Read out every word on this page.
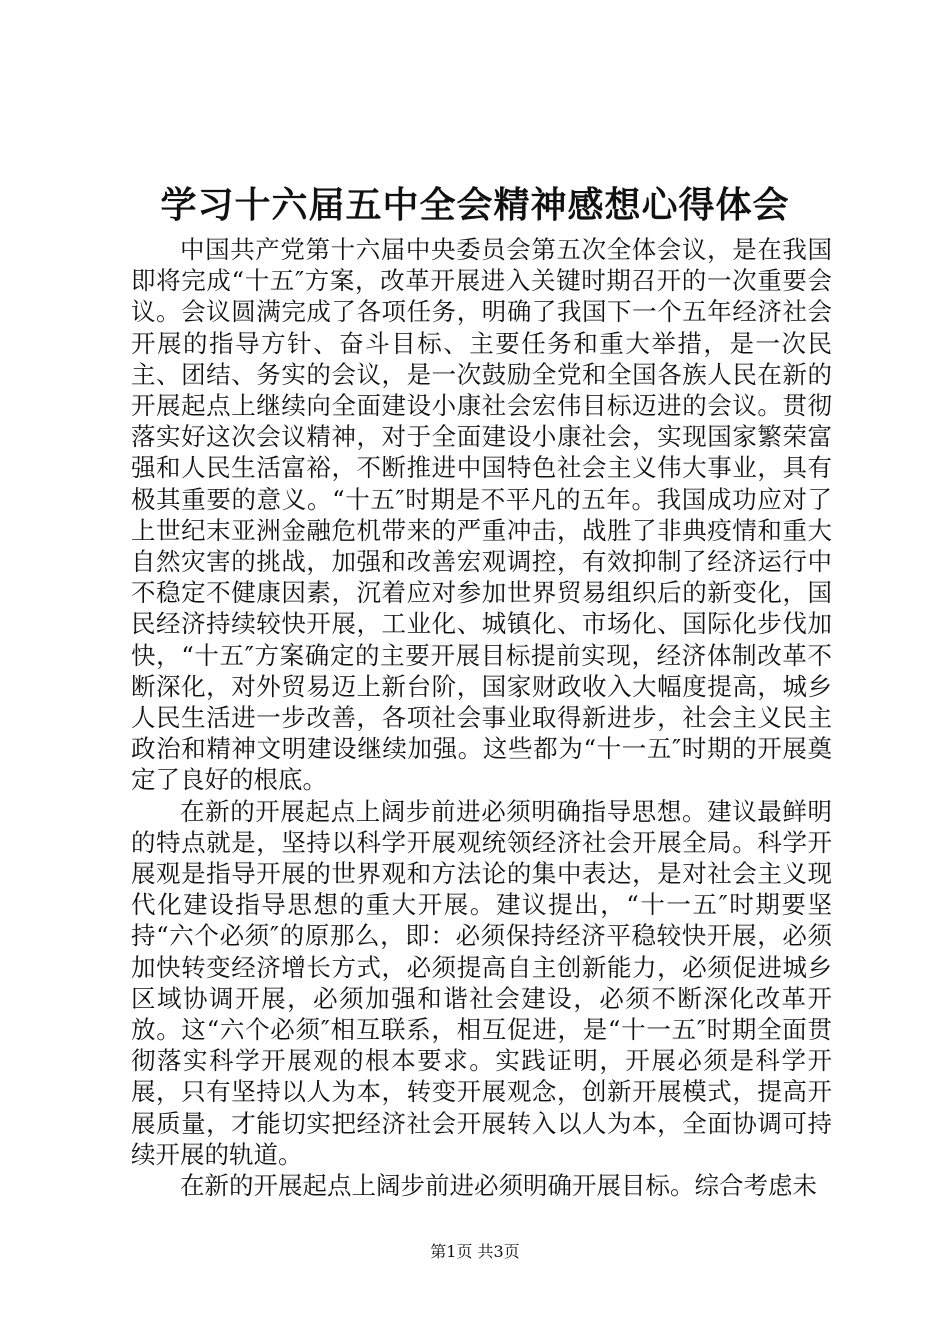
学习十六届五中全会精神感想心得体会

中国共产党第十六届中央委员会第五次全体会议，是在我国即将完成“十五″方案，改革开展进入关键时期召开的一次重要会议。会议圆满完成了各项任务，明确了我国下一个五年经济社会开展的指导方针、奋斗目标、主要任务和重大举措，是一次民主、团结、务实的会议，是一次鼓励全党和全国各族人民在新的开展起点上继续向全面建设小康社会宏伟目标迈进的会议。贯彻落实好这次会议精神，对于全面建设小康社会，实现国家繁荣富强和人民生活富裕，不断推进中国特色社会主义伟大事业，具有极其重要的意义。“十五″时期是不平凡的五年。我国成功应对了上世纪末亚洲金融危机带来的严重冲击，战胜了非典疫情和重大自然灾害的挑战，加强和改善宏观调控，有效抑制了经济运行中不稳定不健康因素，沉着应对参加世界贸易组织后的新变化，国民经济持续较快开展，工业化、城镇化、市场化、国际化步伐加快，“十五″方案确定的主要开展目标提前实现，经济体制改革不断深化，对外贸易迈上新台阶，国家财政收入大幅度提高，城乡人民生活进一步改善，各项社会事业取得新进步，社会主义民主政治和精神文明建设继续加强。这些都为“十一五″时期的开展奠定了良好的根底。

在新的开展起点上阔步前进必须明确指导思想。建议最鲜明的特点就是，坚持以科学开展观统领经济社会开展全局。科学开展观是指导开展的世界观和方法论的集中表达，是对社会主义现代化建设指导思想的重大开展。建议提出，“十一五″时期要坚持“六个必须″的原那么，即：必须保持经济平稳较快开展，必须加快转变经济增长方式，必须提高自主创新能力，必须促进城乡区域协调开展，必须加强和谐社会建设，必须不断深化改革开放。这“六个必须″相互联系，相互促进，是“十一五″时期全面贯彻落实科学开展观的根本要求。实践证明，开展必须是科学开展，只有坚持以人为本，转变开展观念，创新开展模式，提高开展质量，才能切实把经济社会开展转入以人为本，全面协调可持续开展的轨道。

在新的开展起点上阔步前进必须明确开展目标。综合考虑未

第1页 共3页
